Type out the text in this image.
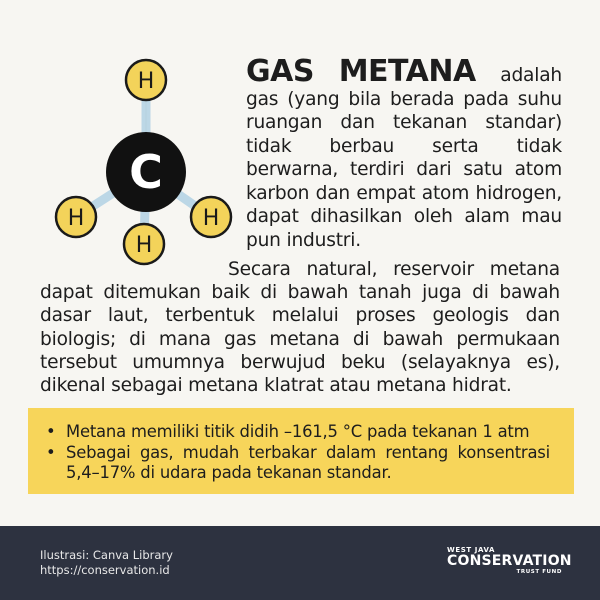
H
H	H
H
C
GAS METANA adalah gas (yang bila berada pada suhu ruangan dan tekanan standar) tidak berbau serta tidak berwarna, terdiri dari satu atom karbon dan empat atom hidrogen, dapat dihasilkan oleh alam mau pun industri.
Secara natural, reservoir metana dapat ditemukan baik di bawah tanah juga di bawah dasar laut, terbentuk melalui proses geologis dan biologis; di mana gas metana di bawah permukaan tersebut umumnya berwujud beku (selayaknya es), dikenal sebagai metana klatrat atau metana hidrat.
• Metana memiliki titik didih –161,5 °C pada tekanan 1 atm
• Sebagai gas, mudah terbakar dalam rentang konsentrasi 5,4–17% di udara pada tekanan standar.
Ilustrasi: Canva Library
https://conservation.id
WEST JAVA
CONSERVATION
TRUST FUND
